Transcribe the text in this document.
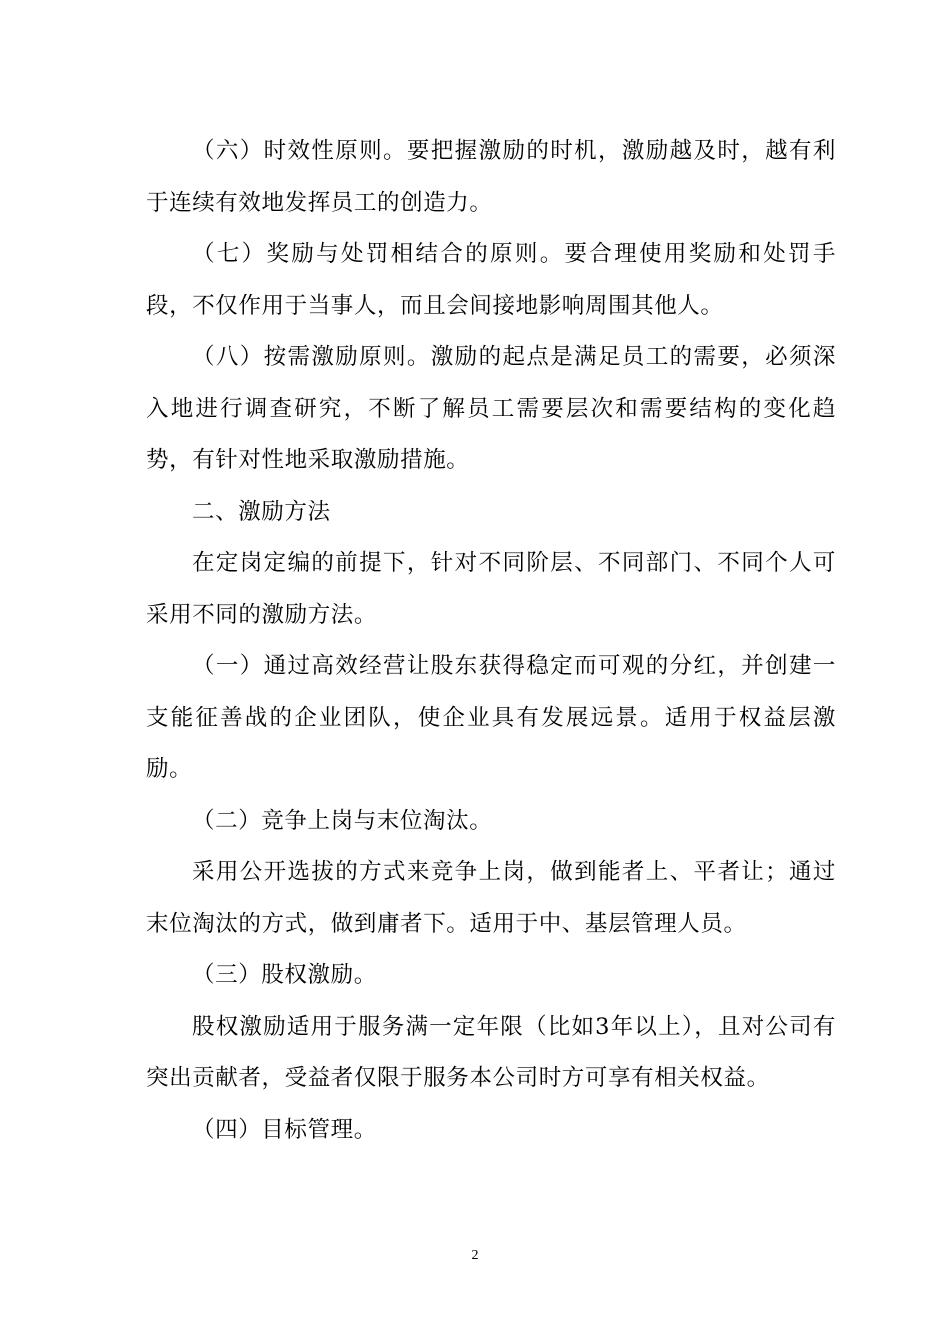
（六）时效性原则。要把握激励的时机，激励越及时，越有利于连续有效地发挥员工的创造力。

（七）奖励与处罚相结合的原则。要合理使用奖励和处罚手段，不仅作用于当事人，而且会间接地影响周围其他人。

（八）按需激励原则。激励的起点是满足员工的需要，必须深入地进行调查研究，不断了解员工需要层次和需要结构的变化趋势，有针对性地采取激励措施。

二、激励方法

在定岗定编的前提下，针对不同阶层、不同部门、不同个人可采用不同的激励方法。

（一）通过高效经营让股东获得稳定而可观的分红，并创建一支能征善战的企业团队，使企业具有发展远景。适用于权益层激励。

（二）竞争上岗与末位淘汰。

采用公开选拔的方式来竞争上岗，做到能者上、平者让；通过末位淘汰的方式，做到庸者下。适用于中、基层管理人员。

（三）股权激励。

股权激励适用于服务满一定年限（比如3年以上），且对公司有突出贡献者，受益者仅限于服务本公司时方可享有相关权益。

（四）目标管理。

2
